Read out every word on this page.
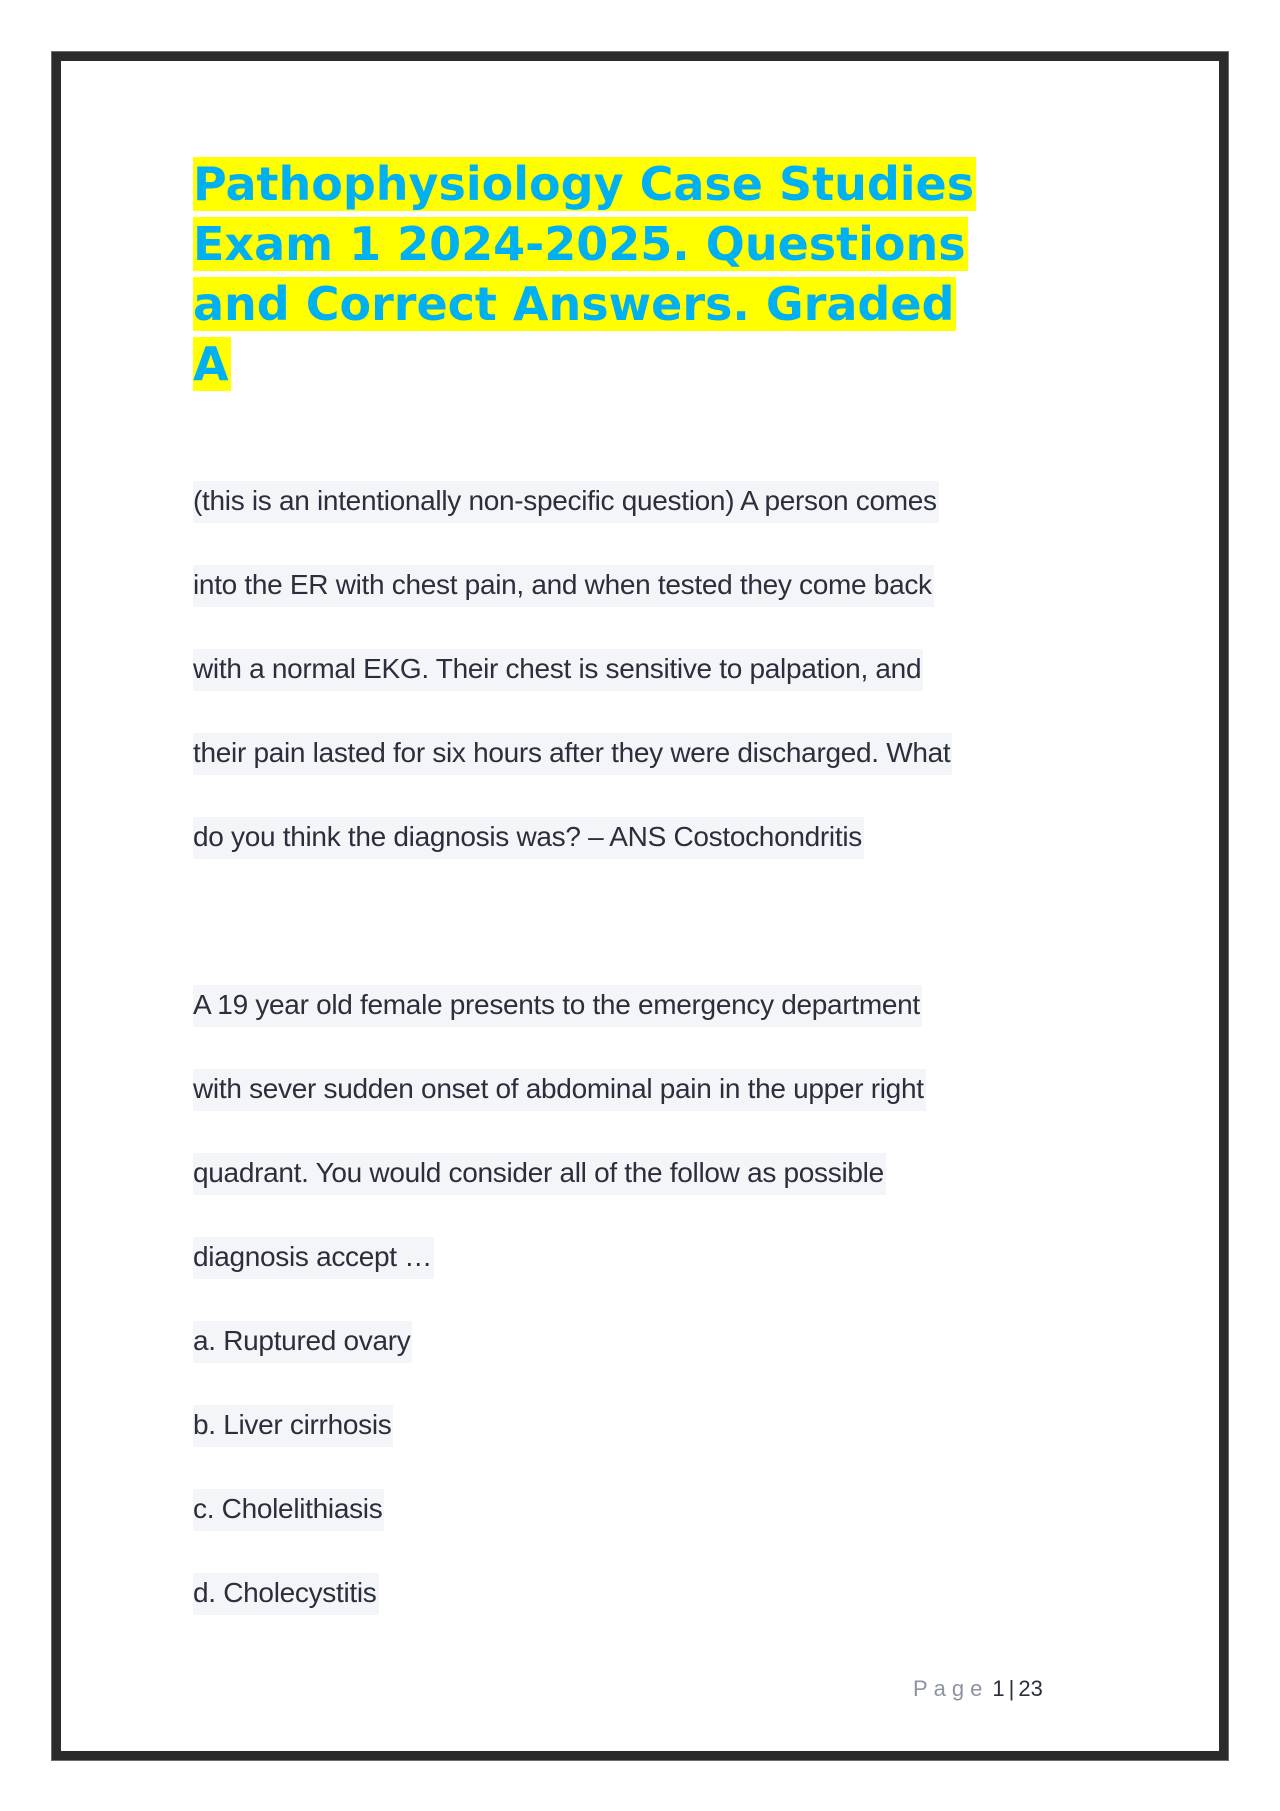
Pathophysiology Case Studies
Exam 1 2024-2025. Questions
and Correct Answers. Graded
A
(this is an intentionally non-specific question) A person comes
into the ER with chest pain, and when tested they come back
with a normal EKG. Their chest is sensitive to palpation, and
their pain lasted for six hours after they were discharged. What
do you think the diagnosis was? – ANS Costochondritis
A 19 year old female presents to the emergency department
with sever sudden onset of abdominal pain in the upper right
quadrant. You would consider all of the follow as possible
diagnosis accept …
a. Ruptured ovary
b. Liver cirrhosis
c. Cholelithiasis
d. Cholecystitis
Page 1 | 23
